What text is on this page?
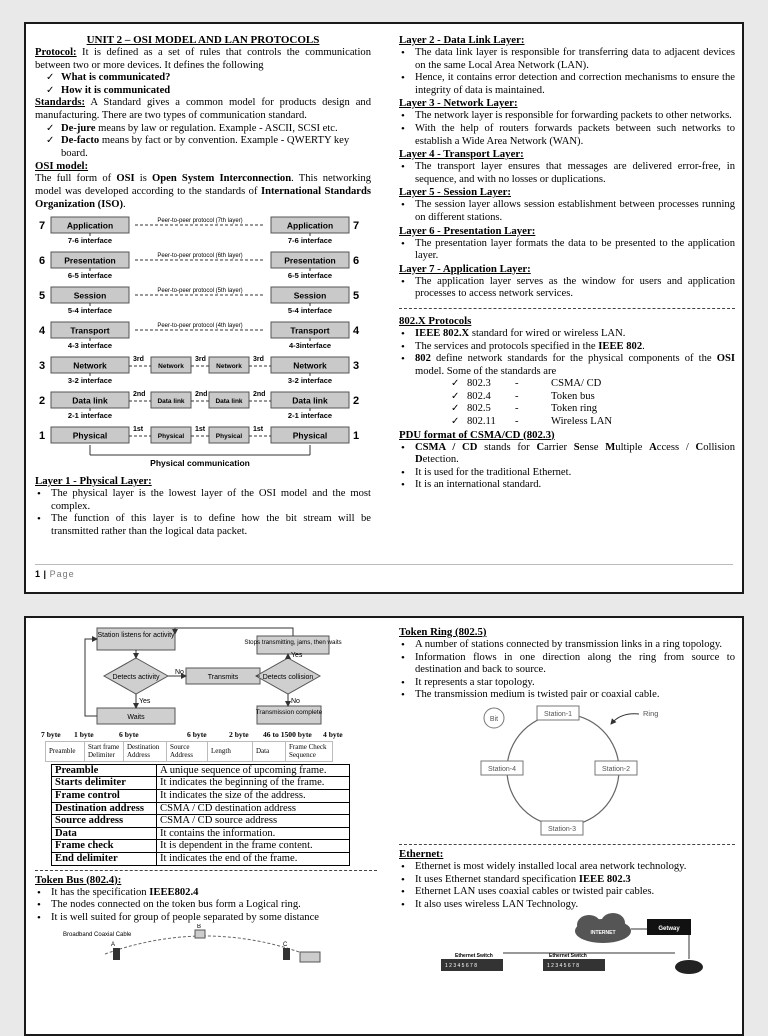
UNIT 2 – OSI MODEL AND LAN PROTOCOLS

Protocol: It is defined as a set of rules that controls the communication between two or more devices. It defines the following

✓ What is communicated?
✓ How it is communicated

Standards: A Standard gives a common model for products design and manufacturing. There are two types of communication standard.

✓ De-jure means by law or regulation. Example - ASCII, SCSI etc.
✓ De-facto means by fact or by convention. Example - QWERTY key board.

OSI model:

The full form of OSI is Open System Interconnection. This networking model was developed according to the standards of International Standards Organization (ISO).

7	Application	Application 7
Peer-to-peer protocol (7th layer)
7-6 interface	7-6 interface
6 Presentation	Presentation 6
Peer-to-peer protocol (6th layer)
6-5 interface	6-5 interface
5	Session	Session 5
Peer-to-peer protocol (5th layer)
5-4 interface	5-4 interface
4	Transport	Transport 4
Peer-to-peer protocol (4th layer)
4-3 interface	4-3interface
3	Network	Network 3
Network	Network
3rd	3rd	3rd
3-2 interface	3-2 interface
2	Data link	Data link 2
Data link	Data link
2nd	2nd	2nd
2-1 interface	2-1 interface
1	Physical	Physical 1
Physical	Physical
1st	1st	1st
Physical communication

Layer 1 - Physical Layer:

• The physical layer is the lowest layer of the OSI model and the most complex.
• The function of this layer is to define how the bit stream will be transmitted rather than the logical data packet.

Layer 2 - Data Link Layer:

• The data link layer is responsible for transferring data to adjacent devices on the same Local Area Network (LAN).
• Hence, it contains error detection and correction mechanisms to ensure the integrity of data is maintained.

Layer 3 - Network Layer:

• The network layer is responsible for forwarding packets to other networks.
• With the help of routers forwards packets between such networks to establish a Wide Area Network (WAN).

Layer 4 - Transport Layer:

• The transport layer ensures that messages are delivered error-free, in sequence, and with no losses or duplications.

Layer 5 - Session Layer:

• The session layer allows session establishment between processes running on different stations.

Layer 6 - Presentation Layer:

• The presentation layer formats the data to be presented to the application layer.

Layer 7 - Application Layer:

• The application layer serves as the window for users and application processes to access network services.

802.X Protocols

• IEEE 802.X standard for wired or wireless LAN.
• The services and protocols specified in the IEEE 802.
• 802 define network standards for the physical components of the OSI model. Some of the standards are
✓ 802.3	-	CSMA/ CD
✓ 802.4	-	Token bus
✓ 802.5	-	Token ring
✓ 802.11	-	Wireless LAN

PDU format of CSMA/CD (802.3)

• CSMA / CD stands for Carrier Sense Multiple Access / Collision Detection.
• It is used for the traditional Ethernet.
• It is an international standard.
1 | Page
Station listens for activity
Detects activity	Transmits	Detects collision
Waits
Stops transmitting, jams, then waits
Transmission complete
No
Yes
Yes
No
7 byte	1 byte	6 byte	6 byte	2 byte	46 to 1500 byte	4 byte
Preamble	Start frame Delimiter	Destination Address	Source Address	Length	Data	Frame Check Sequence
Preamble	A unique sequence of upcoming frame.
Starts delimiter	It indicates the beginning of the frame.
Frame control	It indicates the size of the address.
Destination address	CSMA / CD destination address
Source address	CSMA / CD source address
Data	It contains the information.
Frame check	It is dependent in the frame content.
End delimiter	It indicates the end of the frame.

Token Bus (802.4):

• It has the specification IEEE802.4
• The nodes connected on the token bus form a Logical ring.
• It is well suited for group of people separated by some distance
Broadband Coaxial Cable
A
B
C

Token Ring (802.5)

• A number of stations connected by transmission links in a ring topology.
• Information flows in one direction along the ring from source to destination and back to source.
• It represents a star topology.
• The transmission medium is twisted pair or coaxial cable.
Station-1
Station-2
Station-3
Station-4
Bit
Ring

Ethernet:

• Ethernet is most widely installed local area network technology.
• It uses Ethernet standard specification IEEE 802.3
• Ethernet LAN uses coaxial cables or twisted pair cables.
• It also uses wireless LAN Technology.
INTERNET
Getway
Ethernet Switch
1 2 3 4 5 6 7 8
Ethernet Switch
1 2 3 4 5 6 7 8
